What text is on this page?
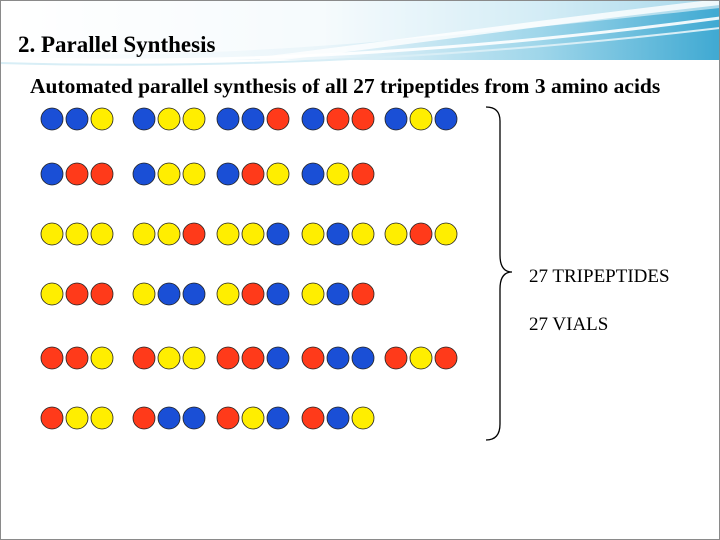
2. Parallel Synthesis
Automated parallel synthesis of all 27 tripeptides from 3 amino acids
27 TRIPEPTIDES
27 VIALS
